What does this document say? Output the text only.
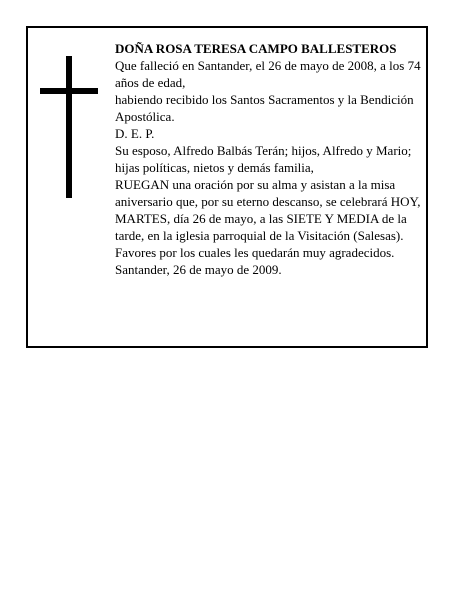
DOÑA ROSA TERESA CAMPO BALLESTEROS

Que falleció en Santander, el 26 de mayo de 2008, a los 74 años de edad,

habiendo recibido los Santos Sacramentos y la Bendición Apostólica.

D. E. P.

Su esposo, Alfredo Balbás Terán; hijos, Alfredo y Mario; hijas políticas, nietos y demás familia,

RUEGAN una oración por su alma y asistan a la misa aniversario que, por su eterno descanso, se celebrará HOY, MARTES, día 26 de mayo, a las SIETE Y MEDIA de la tarde, en la iglesia parroquial de la Visitación (Salesas). Favores por los cuales les quedarán muy agradecidos.

Santander, 26 de mayo de 2009.
